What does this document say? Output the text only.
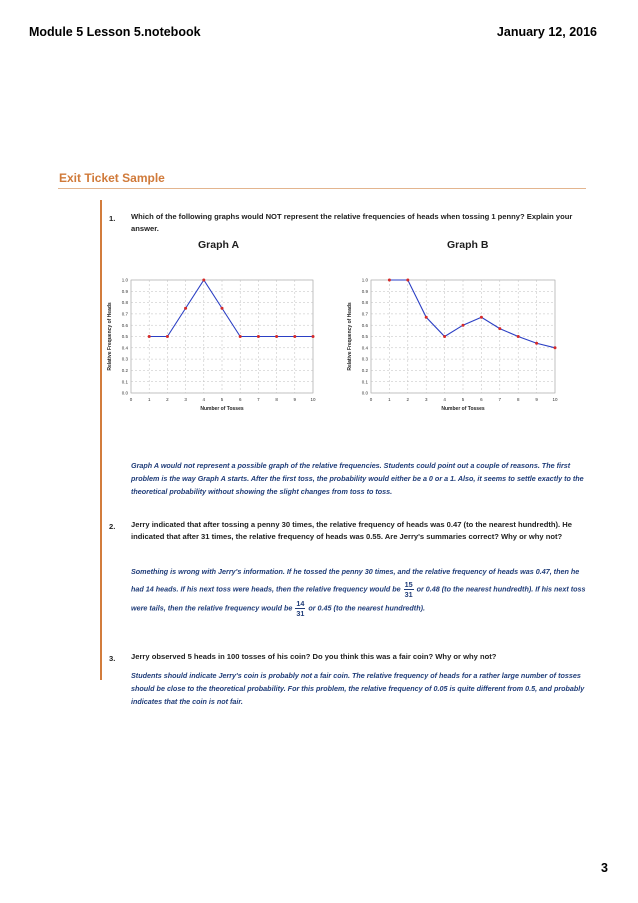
Module 5 Lesson 5.notebook	January 12, 2016
Exit Ticket Sample
1. Which of the following graphs would NOT represent the relative frequencies of heads when tossing 1 penny? Explain your answer.
Graph A	Graph B
0	1	2	3	4	5	6	7	8	9	10
0.0
0.1
0.2
0.3
0.4
0.5
0.6
0.7
0.8
0.9
1.0
Number of Tosses
Relative Frequency of Heads
0	1	2	3	4	5	6	7	8	9	10
0.0
0.1
0.2
0.3
0.4
0.5
0.6
0.7
0.8
0.9
1.0
Number of Tosses
Relative Frequency of Heads
Graph A would not represent a possible graph of the relative frequencies. Students could point out a couple of reasons. The first problem is the way Graph A starts. After the first toss, the probability would either be a 0 or a 1. Also, it seems to settle exactly to the theoretical probability without showing the slight changes from toss to toss.
2. Jerry indicated that after tossing a penny 30 times, the relative frequency of heads was 0.47 (to the nearest hundredth). He indicated that after 31 times, the relative frequency of heads was 0.55. Are Jerry's summaries correct? Why or why not?
Something is wrong with Jerry's information. If he tossed the penny 30 times, and the relative frequency of heads was 0.47, then he had 14 heads. If his next toss were heads, then the relative frequency would be $\frac{15}{31}$ or 0.48 (to the nearest hundredth). If his next toss were tails, then the relative frequency would be $\frac{14}{31}$ or 0.45 (to the nearest hundredth).
3. Jerry observed 5 heads in 100 tosses of his coin? Do you think this was a fair coin? Why or why not?
Students should indicate Jerry's coin is probably not a fair coin. The relative frequency of heads for a rather large number of tosses should be close to the theoretical probability. For this problem, the relative frequency of 0.05 is quite different from 0.5, and probably indicates that the coin is not fair.
3
